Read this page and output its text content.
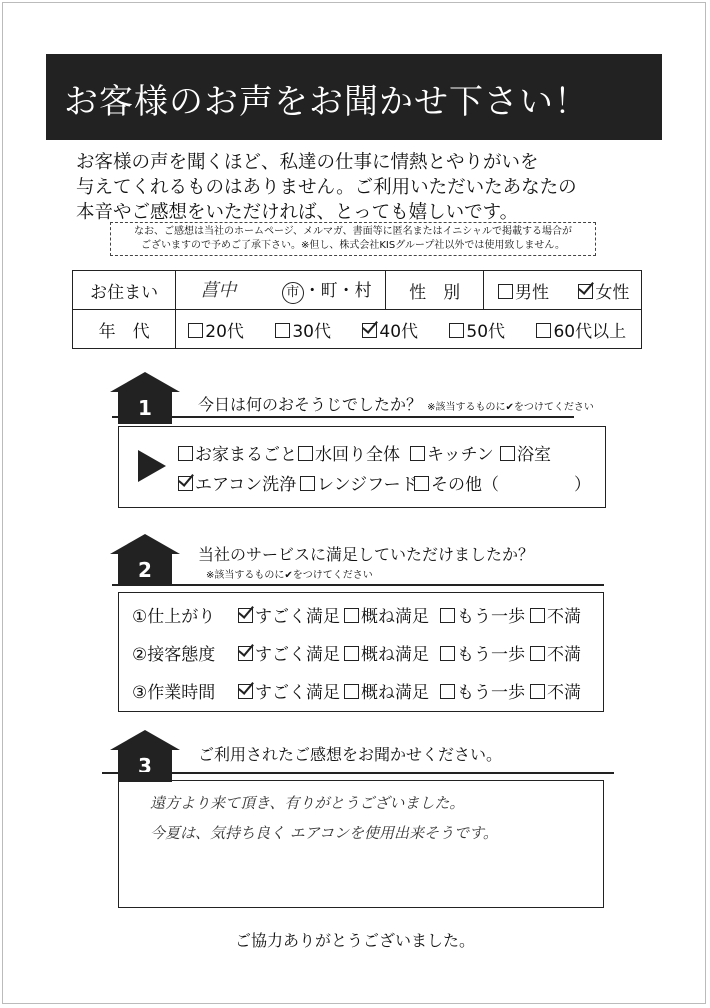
お客様のお声をお聞かせ下さい！
お客様の声を聞くほど、私達の仕事に情熱とやりがいを
与えてくれるものはありません。ご利用いただいたあなたの
本音やご感想をいただければ、とっても嬉しいです。
なお、ご感想は当社のホームページ、メルマガ、書面等に匿名またはイニシャルで掲載する場合が
ございますので予めご了承下さい。※但し、株式会社KISグループ社以外では使用致しません。
お住まい	菖中 市 ・町・村	性　別	男性 女性
年　代	20代 30代 40代 50代 60代以上		
1	今日は何のおそうじでしたか？ ※該当するものに✔をつけてください
お家まるごと	水回り全体	キッチン	浴室
エアコン洗浄	レンジフード その他（	）
2
当社のサービスに満足していただけましたか？
※該当するものに✔をつけてください
①仕上がり	すごく満足	概ね満足	もう一歩	不満
②接客態度	すごく満足	概ね満足	もう一歩	不満
③作業時間	すごく満足	概ね満足	もう一歩	不満
3	ご利用されたご感想をお聞かせください。
遠方より来て頂き、有りがとうございました。
今夏は、気持ち良く エアコンを使用出来そうです。
ご協力ありがとうございました。
